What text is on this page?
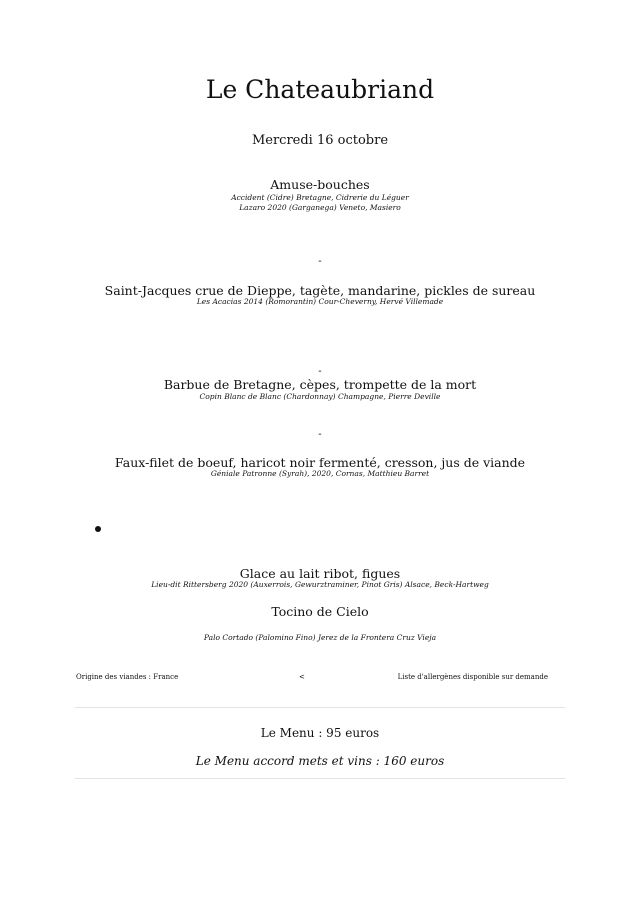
Le Chateaubriand
Mercredi 16 octobre
Amuse-bouches
Accident (Cidre) Bretagne, Cidrerie du Léguer
Lazaro 2020 (Garganega) Veneto, Masiero
-
Saint-Jacques crue de Dieppe, tagète, mandarine, pickles de sureau
Les Acacias 2014 (Romorantin) Cour-Cheverny, Hervé Villemade
-
Barbue de Bretagne, cèpes, trompette de la mort
Copin Blanc de Blanc (Chardonnay) Champagne, Pierre Deville
-
Faux-filet de boeuf, haricot noir fermenté, cresson, jus de viande
Géniale Patronne (Syrah), 2020, Cornas, Matthieu Barret
Glace au lait ribot, figues
Lieu-dit Rittersberg 2020 (Auxerrois, Gewurztraminer, Pinot Gris) Alsace, Beck-Hartweg
Tocino de Cielo
Palo Cortado (Palomino Fino) Jerez de la Frontera Cruz Vieja
Origine des viandes : France	<	Liste d'allergènes disponible sur demande
Le Menu : 95 euros
Le Menu accord mets et vins : 160 euros
